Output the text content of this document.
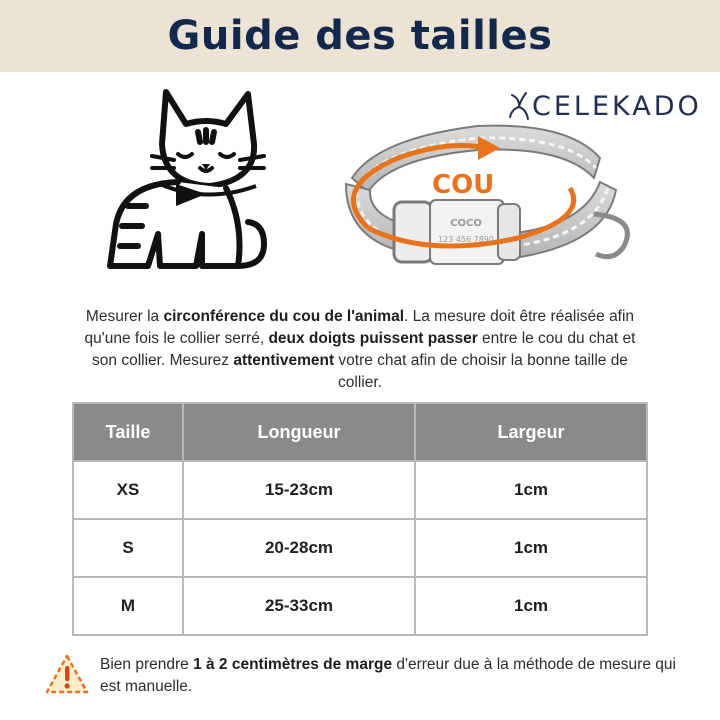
Guide des tailles
CELEKADO
COCO
123 456 7890
COU
Mesurer la circonférence du cou de l'animal. La mesure doit être réalisée afin qu'une fois le collier serré, deux doigts puissent passer entre le cou du chat et son collier. Mesurez attentivement votre chat afin de choisir la bonne taille de collier.
Taille	Longueur	Largeur
XS	15-23cm	1cm
S	20-28cm	1cm
M	25-33cm	1cm

Bien prendre 1 à 2 centimètres de marge d'erreur due à la méthode de mesure qui est manuelle.
